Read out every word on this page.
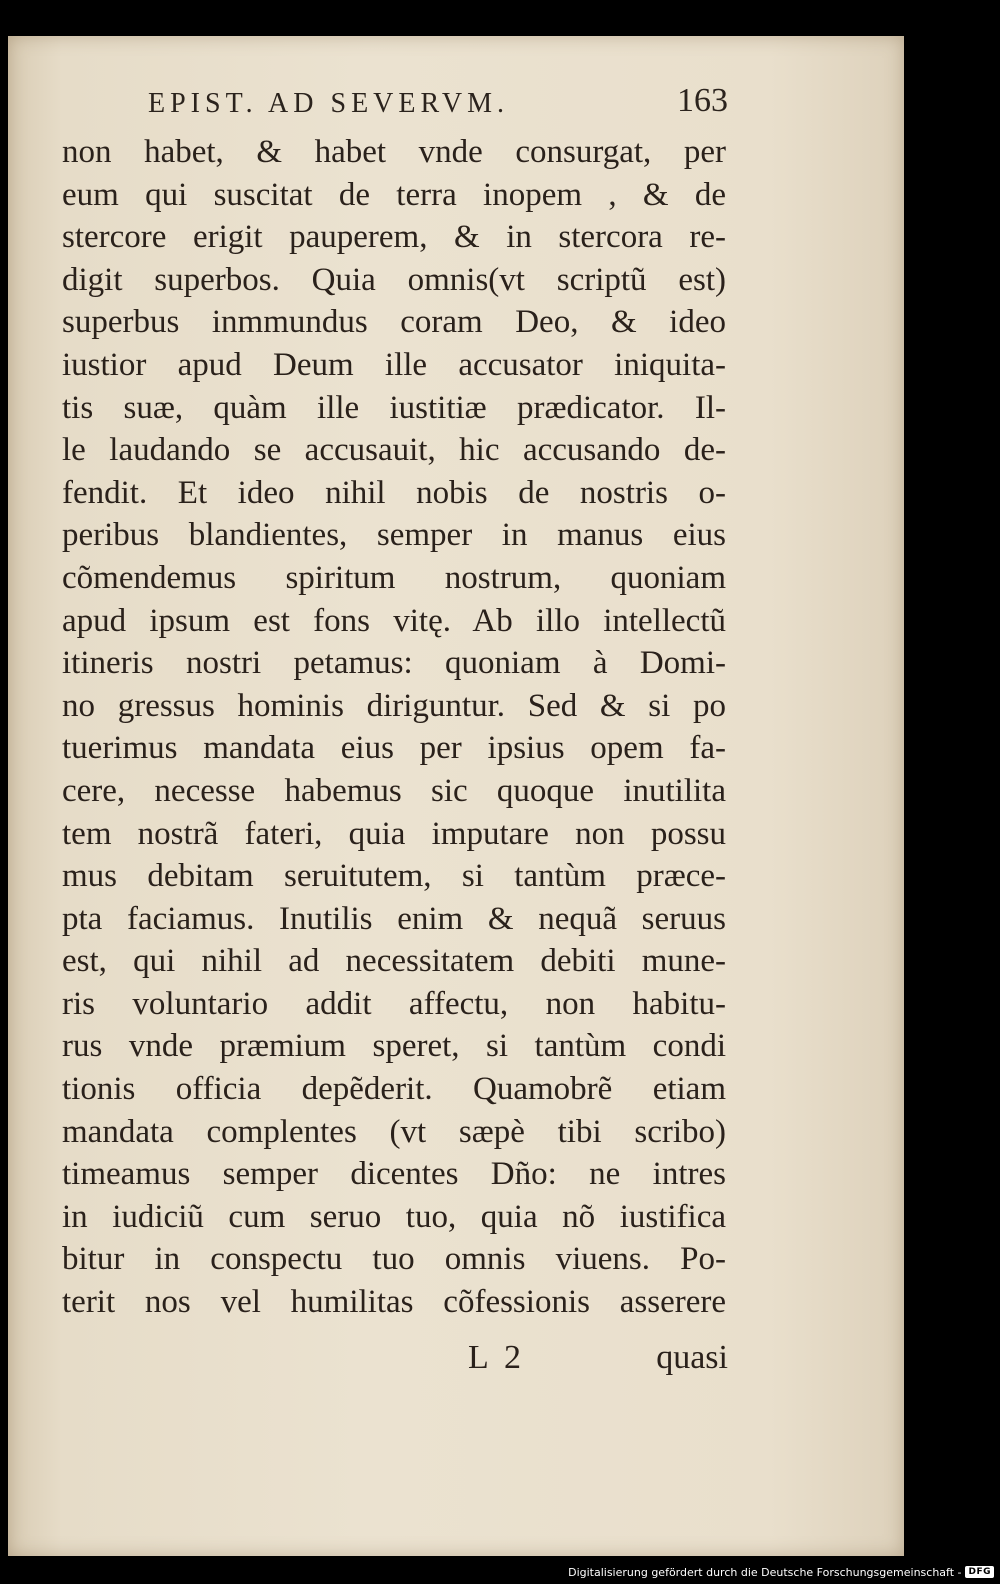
EPIST. AD SEVERVM.	163
non habet, & habet vnde consurgat, per
eum qui suscitat de terra inopem , & de
stercore erigit pauperem, & in stercora re-
digit superbos. Quia omnis(vt scriptũ est)
superbus inmmundus coram Deo, & ideo
iustior apud Deum ille accusator iniquita-
tis suæ, quàm ille iustitiæ prædicator. Il-
le laudando se accusauit, hic accusando de-
fendit. Et ideo nihil nobis de nostris o-
peribus blandientes, semper in manus eius
cõmendemus spiritum nostrum, quoniam
apud ipsum est fons vitę. Ab illo intellectũ
itineris nostri petamus: quoniam à Domi-
no gressus hominis diriguntur. Sed & si po
tuerimus mandata eius per ipsius opem fa-
cere, necesse habemus sic quoque inutilita
tem nostrã fateri, quia imputare non possu
mus debitam seruitutem, si tantùm præce-
pta faciamus. Inutilis enim & nequã seruus
est, qui nihil ad necessitatem debiti mune-
ris voluntario addit affectu, non habitu-
rus vnde præmium speret, si tantùm condi
tionis officia depẽderit. Quamobrẽ etiam
mandata complentes (vt sæpè tibi scribo)
timeamus semper dicentes Dño: ne intres
in iudiciũ cum seruo tuo, quia nõ iustifica
bitur in conspectu tuo omnis viuens. Po-
terit nos vel humilitas cõfessionis asserere
L 2	quasi
Digitalisierung gefördert durch die Deutsche Forschungsgemeinschaft - DFG
